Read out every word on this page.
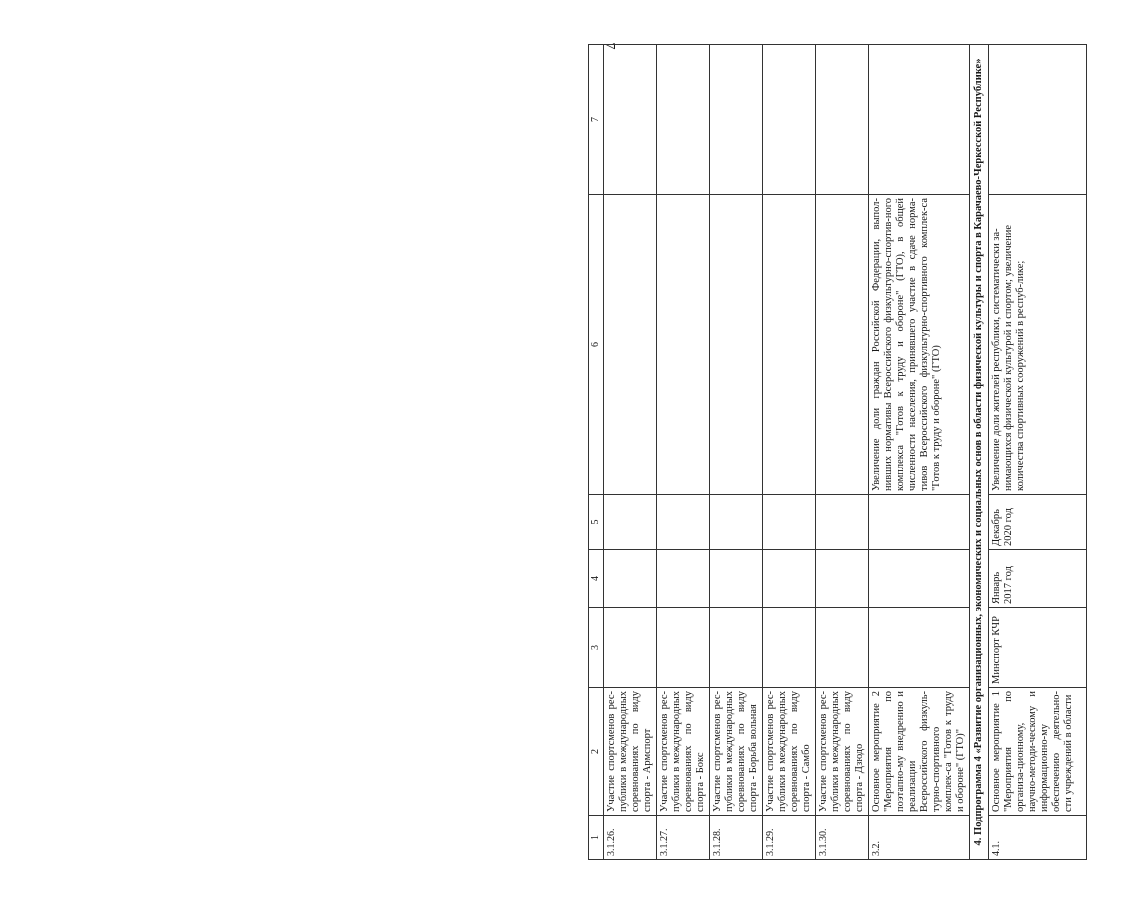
7
1	2	3	4	5	6	7
3.1.26.	Участие спортсменов рес-публики в международных соревнованиях по виду спорта - Армспорт					
3.1.27.	Участие спортсменов рес-публики в международных соревнованиях по виду спорта - Бокс					
3.1.28.	Участие спортсменов рес-публики в международных соревнованиях по виду спорта - Борьба вольная					
3.1.29.	Участие спортсменов рес-публики в международных соревнованиях по виду спорта - Самбо					
3.1.30.	Участие спортсменов рес-публики в международных соревнованиях по виду спорта - Дзюдо					
3.2.	Основное мероприятие 2 "Мероприятия по поэтапно-му внедрению и реализации Всероссийского физкуль-турно-спортивного комплек-са "Готов к труду и обороне" (ГТО)"				Увеличение доли граждан Российской Федерации, выпол-нивших нормативы Всероссийского физкультурно-спортив-ного комплекса "Готов к труду и обороне" (ГТО), в общей численности населения, принявшего участие в сдаче норма-тивов Всероссийского физкультурно-спортивного комплек-са "Готов к труду и обороне" (ГТО)	
4. Подпрограмма 4 «Развитие организационных, экономических и социальных основ в области физической культуры и спорта в Карачаево-Черкесской Республике»						
4.1.	Основное мероприятие 1 "Мероприятия по организа-ционному, научно-методи-ческому и информационно-му обеспечению деятельно-сти учреждений в области	Минспорт КЧР	Январь 2017 год	Декабрь 2020 год	Увеличение доли жителей республики, систематически за-нимающихся физической культурой и спортом; увеличение количества спортивных сооружений в респуб-лике;	
